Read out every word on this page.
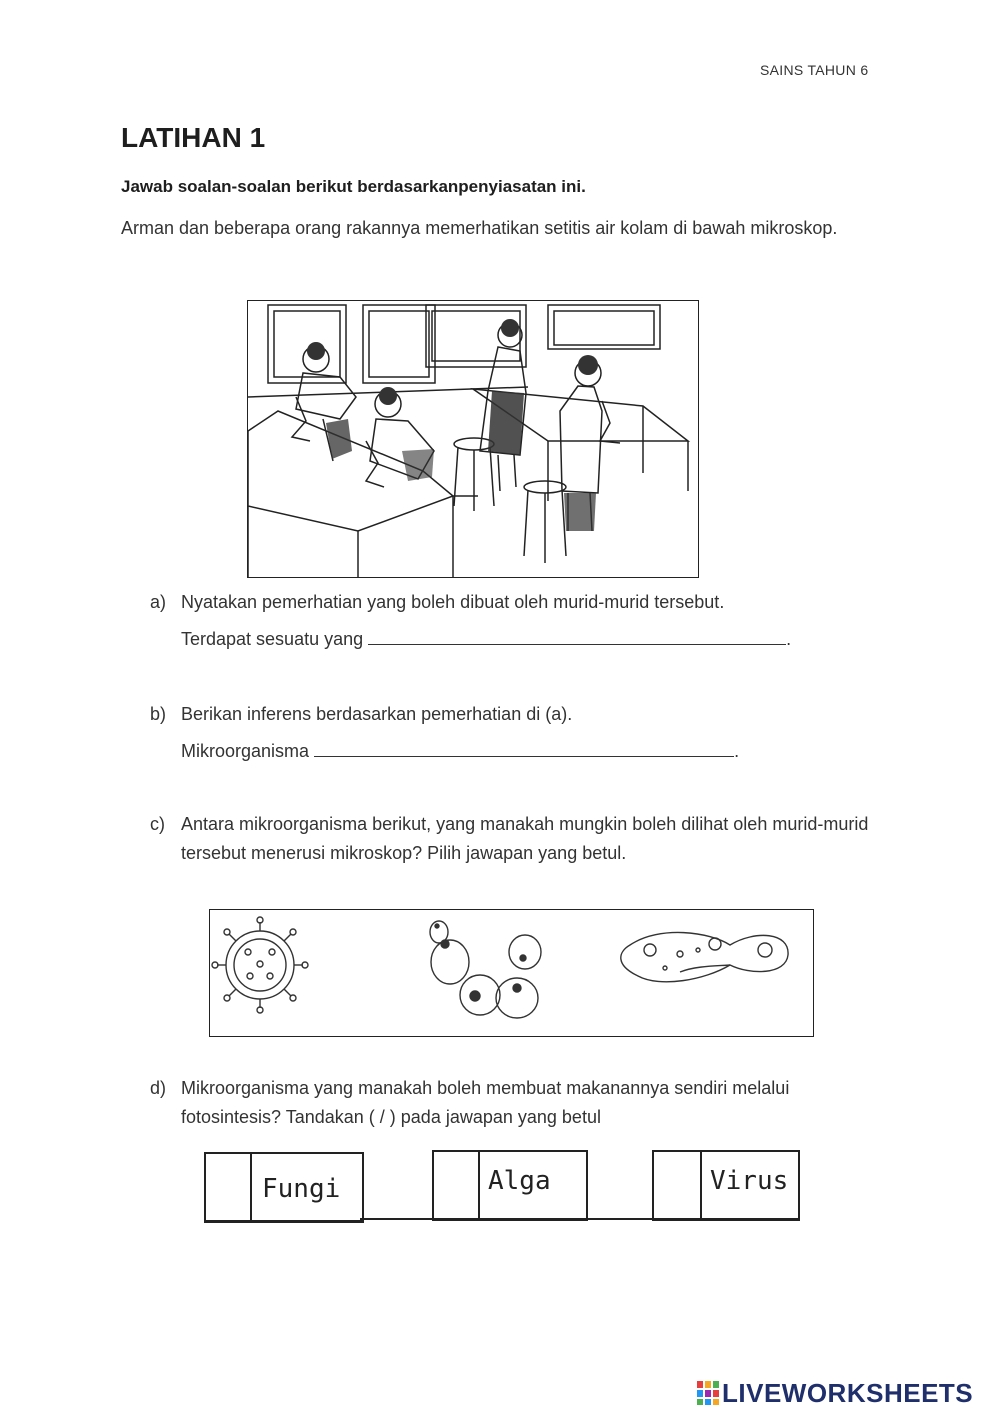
SAINS TAHUN 6
LATIHAN 1
Jawab soalan-soalan berikut berdasarkanpenyiasatan ini.
Arman dan beberapa orang rakannya memerhatikan setitis air kolam di bawah mikroskop.
a) Nyatakan pemerhatian yang boleh dibuat oleh murid-murid tersebut.
Terdapat sesuatu yang	.
b) Berikan inferens berdasarkan pemerhatian di (a).
Mikroorganisma	.
c) Antara mikroorganisma berikut, yang manakah mungkin boleh dilihat oleh murid-murid tersebut menerusi mikroskop? Pilih jawapan yang betul.
d) Mikroorganisma yang manakah boleh membuat makanannya sendiri melalui fotosintesis? Tandakan ( / ) pada jawapan yang betul
Fungi	Alga	Virus
LIVEWORKSHEETS
